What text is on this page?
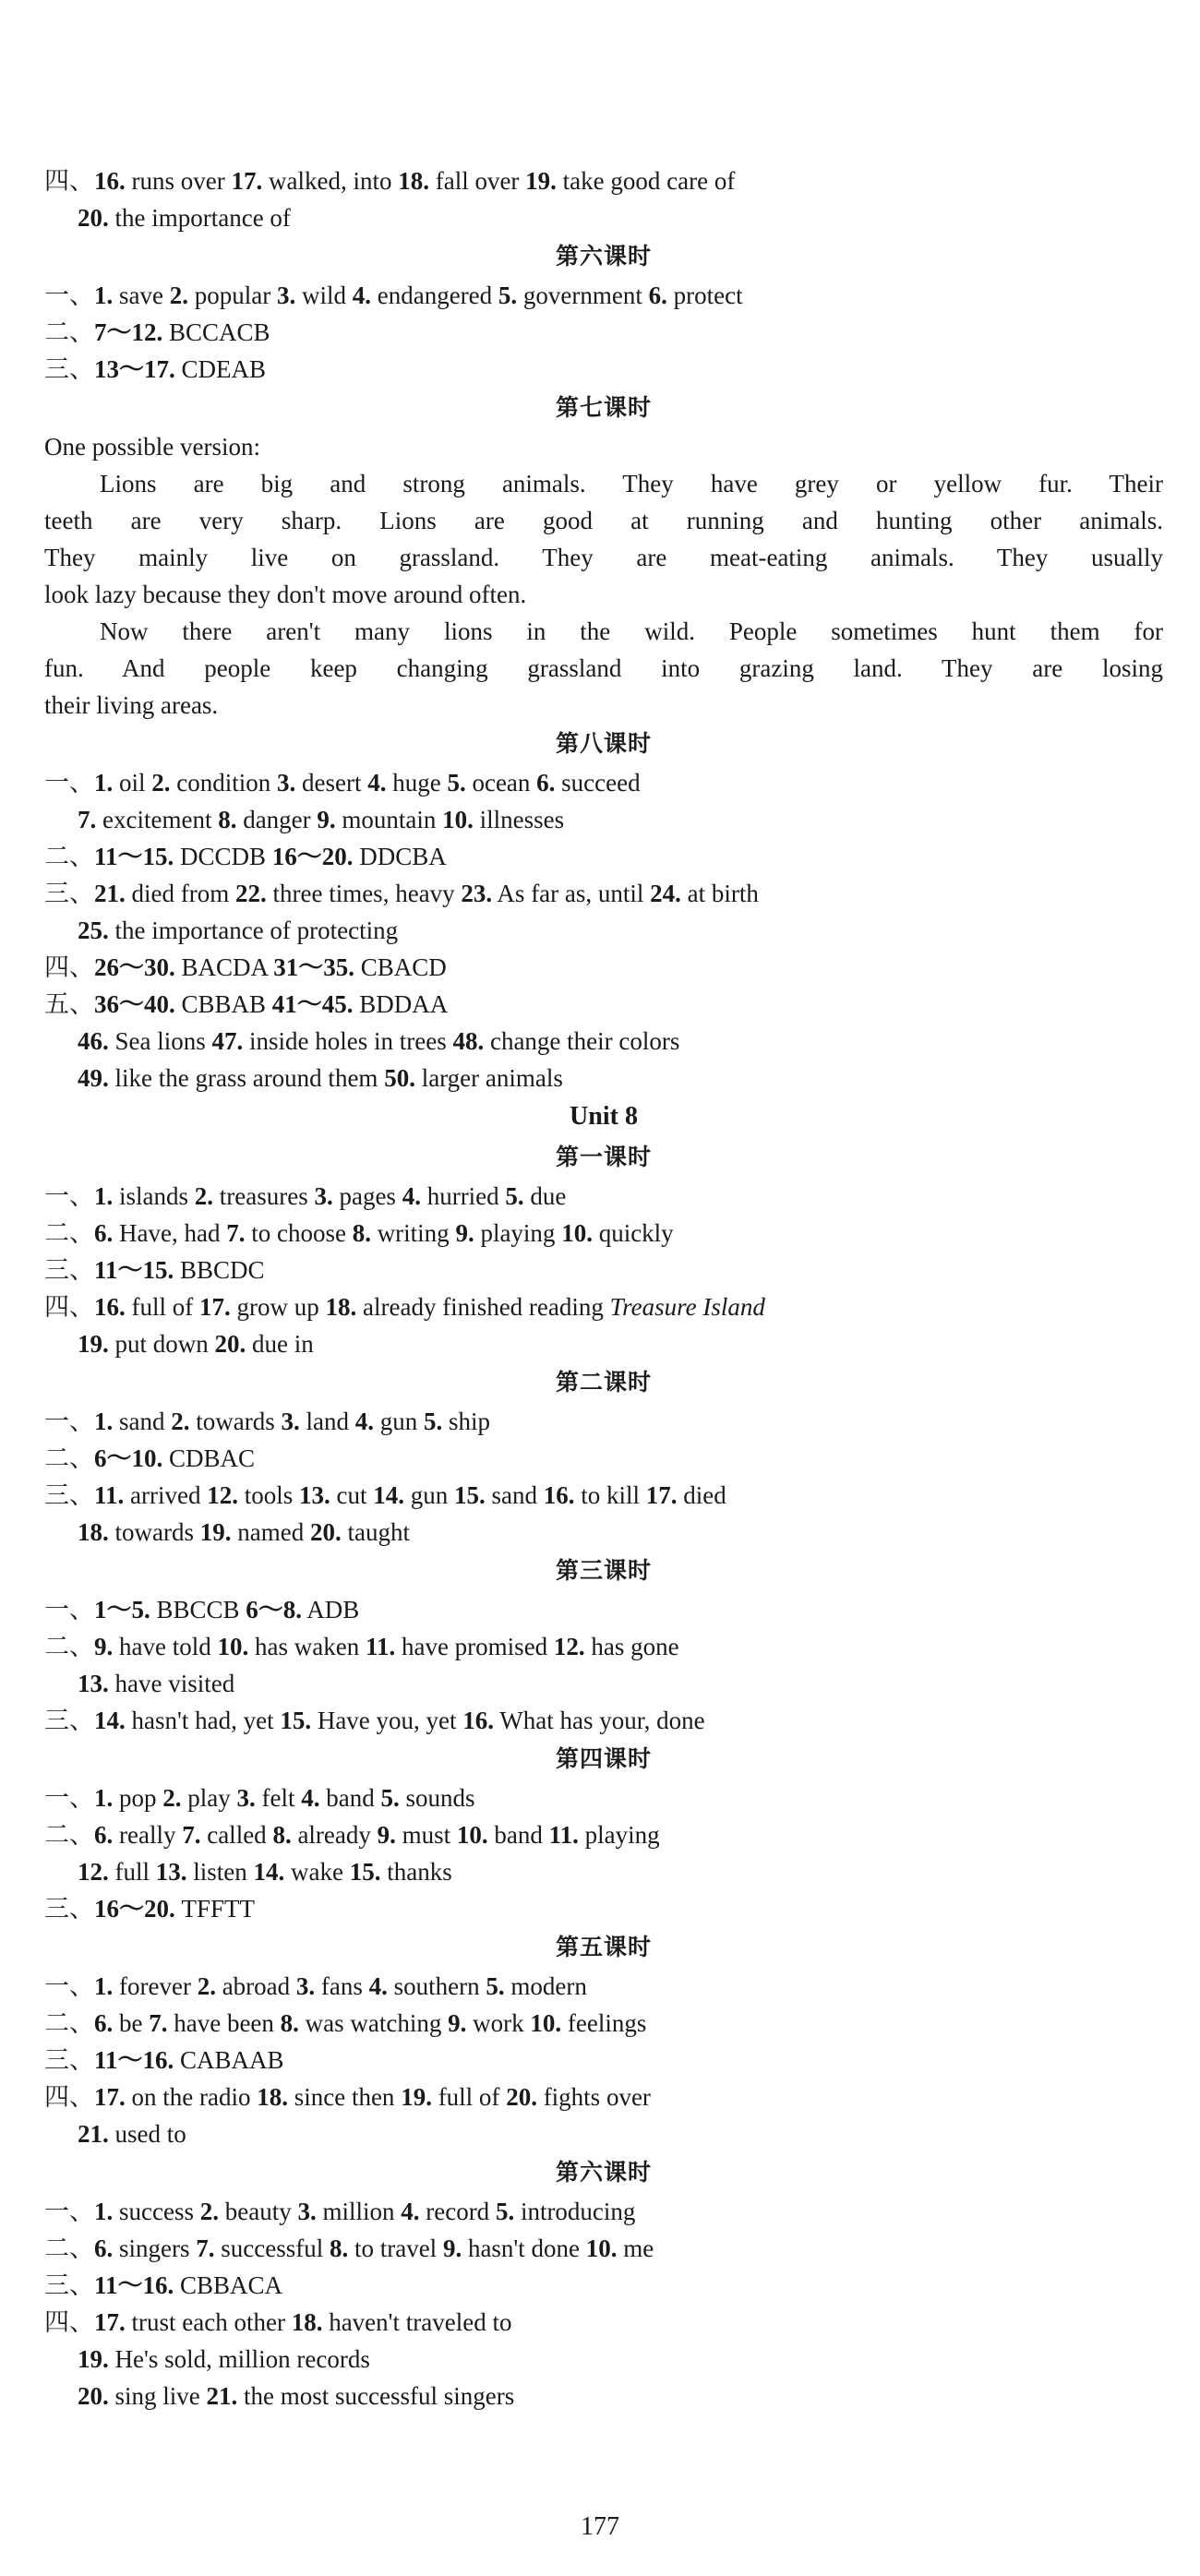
四、16. runs over 17. walked, into 18. fall over 19. take good care of
20. the importance of
第六课时
一、1. save 2. popular 3. wild 4. endangered 5. government 6. protect
二、7～12. BCCACB
三、13～17. CDEAB
第七课时
One possible version:
Lions are big and strong animals. They have grey or yellow fur. Their
teeth are very sharp. Lions are good at running and hunting other animals.
They mainly live on grassland. They are meat-eating animals. They usually
look lazy because they don't move around often.
Now there aren't many lions in the wild. People sometimes hunt them for
fun. And people keep changing grassland into grazing land. They are losing
their living areas.
第八课时
一、1. oil 2. condition 3. desert 4. huge 5. ocean 6. succeed
7. excitement 8. danger 9. mountain 10. illnesses
二、11～15. DCCDB 16～20. DDCBA
三、21. died from 22. three times, heavy 23. As far as, until 24. at birth
25. the importance of protecting
四、26～30. BACDA 31～35. CBACD
五、36～40. CBBAB 41～45. BDDAA
46. Sea lions 47. inside holes in trees 48. change their colors
49. like the grass around them 50. larger animals
Unit 8
第一课时
一、1. islands 2. treasures 3. pages 4. hurried 5. due
二、6. Have, had 7. to choose 8. writing 9. playing 10. quickly
三、11～15. BBCDC
四、16. full of 17. grow up 18. already finished reading Treasure Island
19. put down 20. due in
第二课时
一、1. sand 2. towards 3. land 4. gun 5. ship
二、6～10. CDBAC
三、11. arrived 12. tools 13. cut 14. gun 15. sand 16. to kill 17. died
18. towards 19. named 20. taught
第三课时
一、1～5. BBCCB 6～8. ADB
二、9. have told 10. has waken 11. have promised 12. has gone
13. have visited
三、14. hasn't had, yet 15. Have you, yet 16. What has your, done
第四课时
一、1. pop 2. play 3. felt 4. band 5. sounds
二、6. really 7. called 8. already 9. must 10. band 11. playing
12. full 13. listen 14. wake 15. thanks
三、16～20. TFFTT
第五课时
一、1. forever 2. abroad 3. fans 4. southern 5. modern
二、6. be 7. have been 8. was watching 9. work 10. feelings
三、11～16. CABAAB
四、17. on the radio 18. since then 19. full of 20. fights over
21. used to
第六课时
一、1. success 2. beauty 3. million 4. record 5. introducing
二、6. singers 7. successful 8. to travel 9. hasn't done 10. me
三、11～16. CBBACA
四、17. trust each other 18. haven't traveled to
19. He's sold, million records
20. sing live 21. the most successful singers
177
